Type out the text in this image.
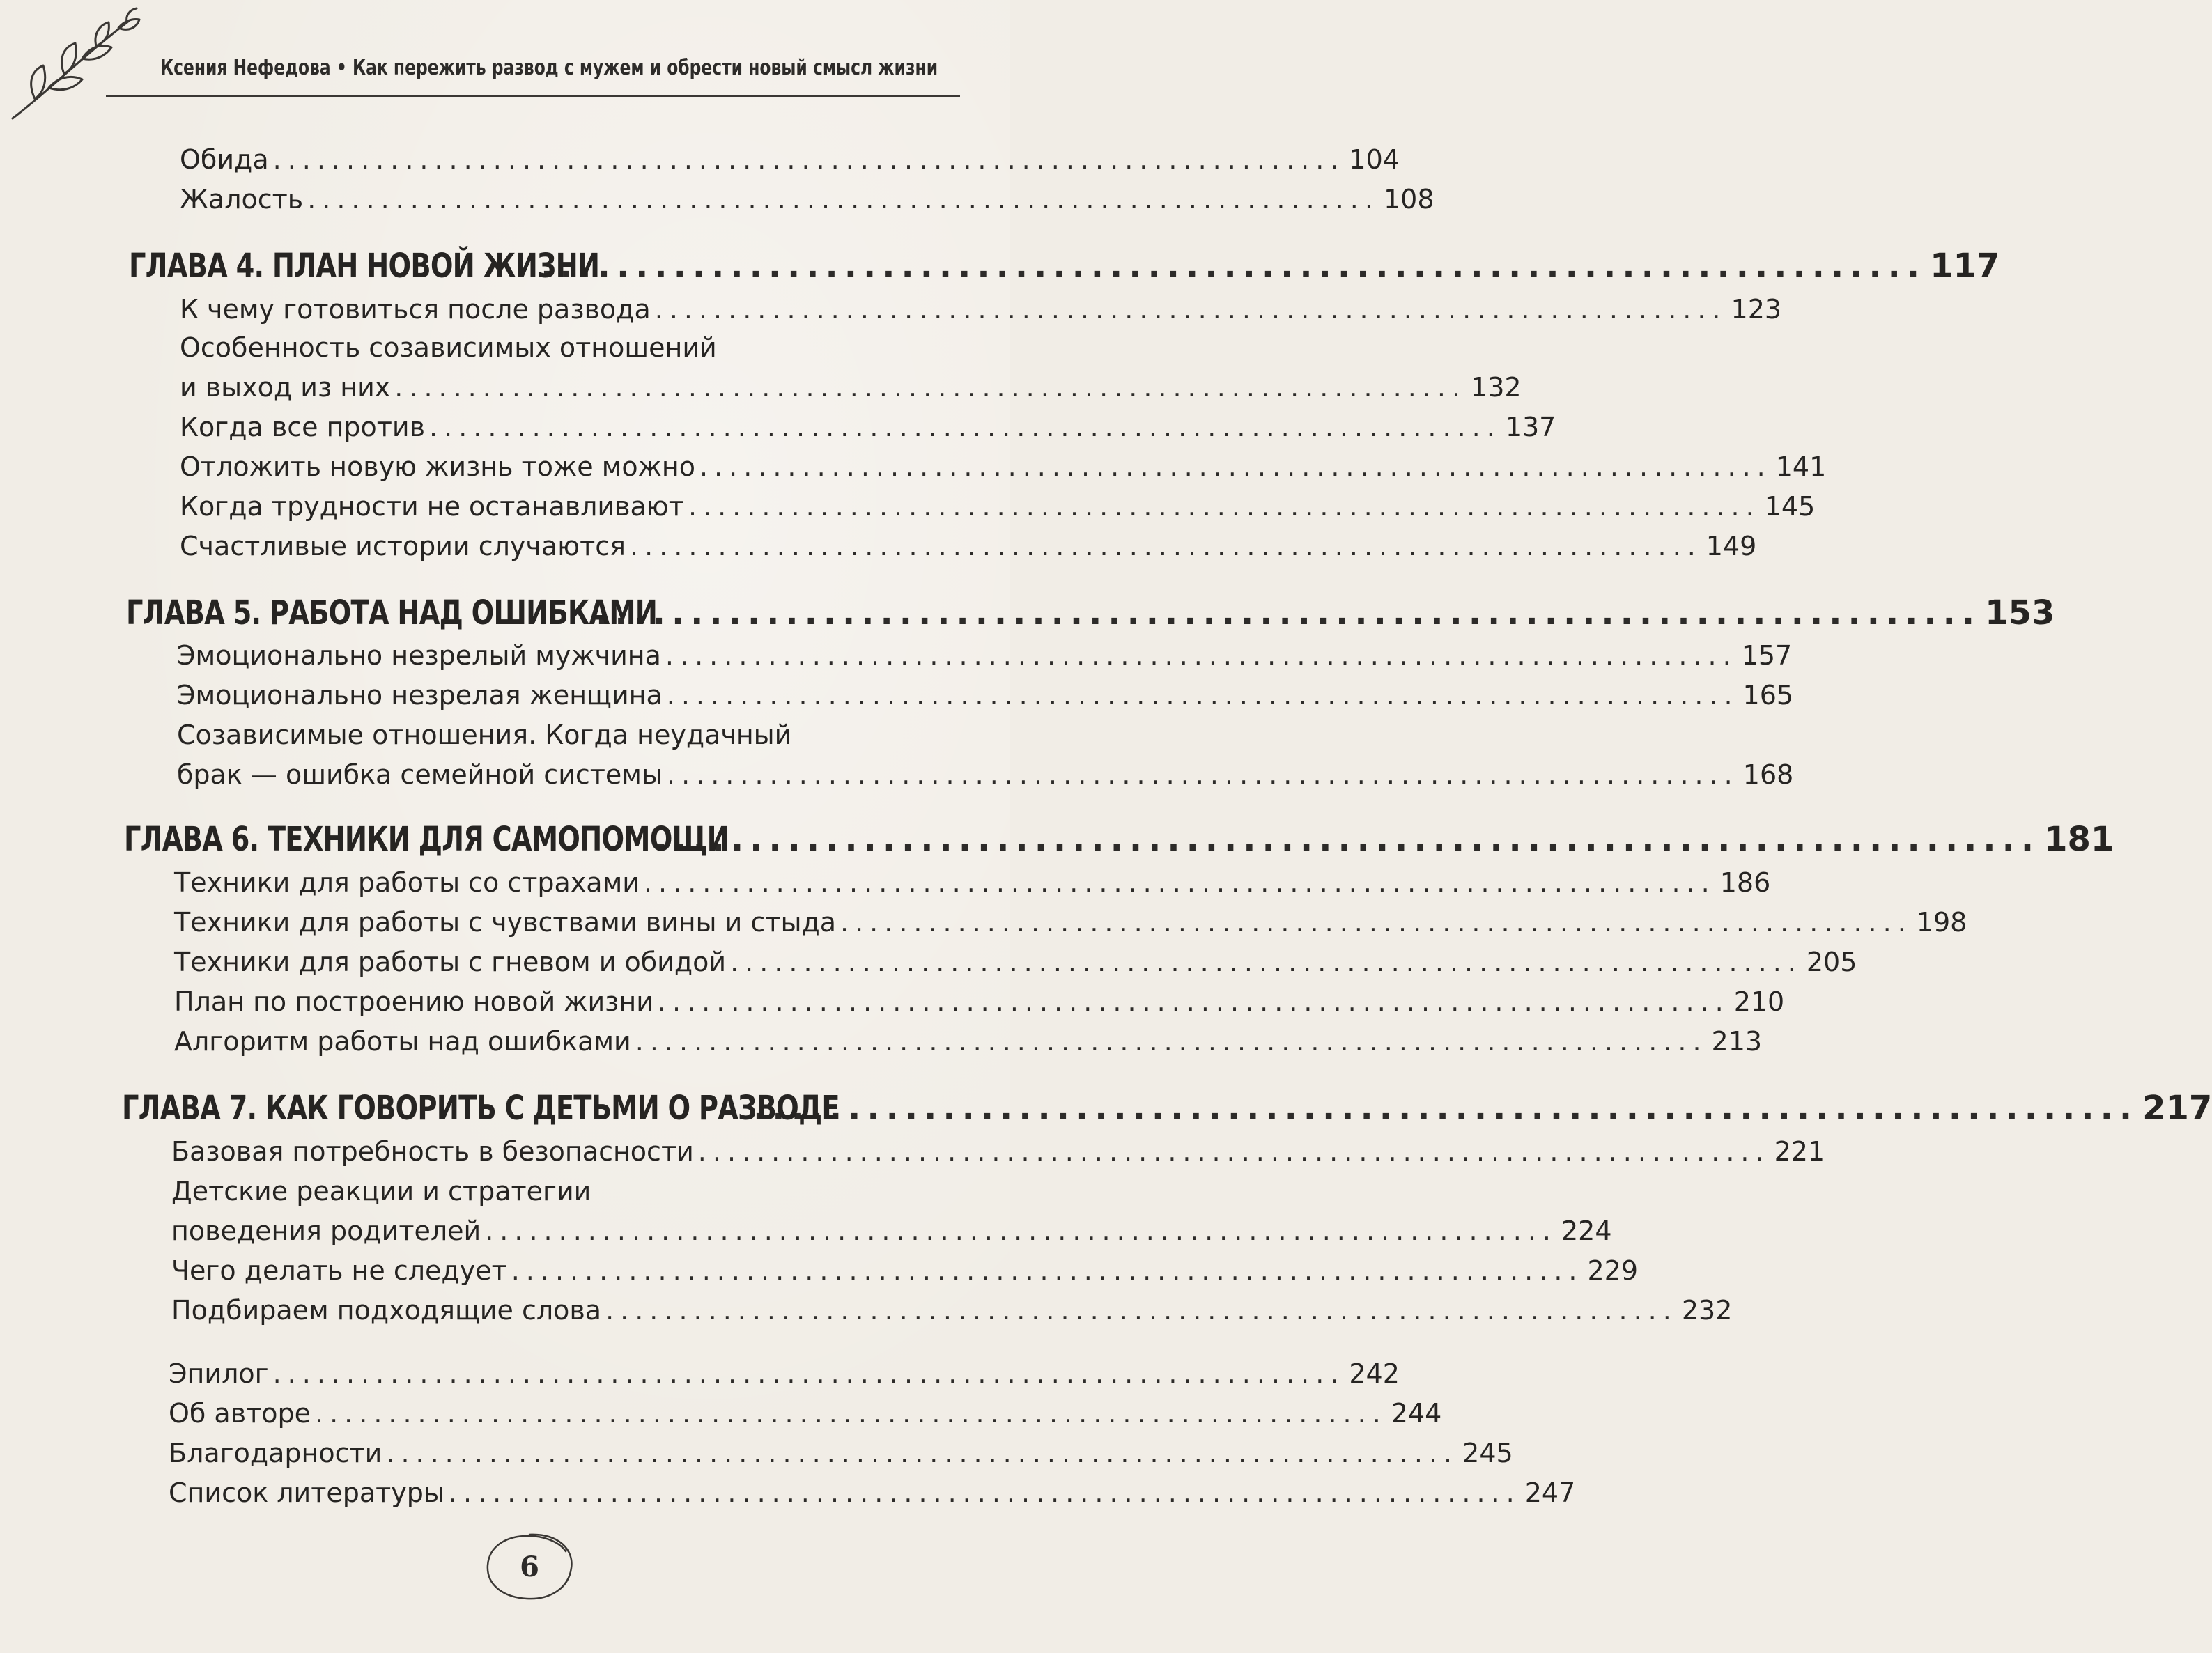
Ксения Нефедова • Как пережить развод с мужем и обрести новый смысл жизни
Обида ......................................................................... 104
Жалость ......................................................................... 108
ГЛАВА 4. ПЛАН НОВОЙ ЖИЗНИ
......................................................................... 117
К чему готовиться после развода ......................................................................... 123
Особенность созависимых отношений
и выход из них ......................................................................... 132
Когда все против ......................................................................... 137
Отложить новую жизнь тоже можно ......................................................................... 141
Когда трудности не останавливают ......................................................................... 145
Счастливые истории случаются ......................................................................... 149
ГЛАВА 5. РАБОТА НАД ОШИБКАМИ
......................................................................... 153
Эмоционально незрелый мужчина ......................................................................... 157
Эмоционально незрелая женщина ......................................................................... 165
Созависимые отношения. Когда неудачный
брак — ошибка семейной системы ......................................................................... 168
ГЛАВА 6. ТЕХНИКИ ДЛЯ САМОПОМОЩИ
......................................................................... 181
Техники для работы со страхами ......................................................................... 186
Техники для работы с чувствами вины и стыда ......................................................................... 198
Техники для работы с гневом и обидой ......................................................................... 205
План по построению новой жизни ......................................................................... 210
Алгоритм работы над ошибками ......................................................................... 213
ГЛАВА 7. КАК ГОВОРИТЬ С ДЕТЬМИ О РАЗВОДЕ
......................................................................... 217
Базовая потребность в безопасности ......................................................................... 221
Детские реакции и стратегии
поведения родителей ......................................................................... 224
Чего делать не следует ......................................................................... 229
Подбираем подходящие слова ......................................................................... 232
Эпилог ......................................................................... 242
Об авторе ......................................................................... 244
Благодарности ......................................................................... 245
Список литературы ......................................................................... 247
6
